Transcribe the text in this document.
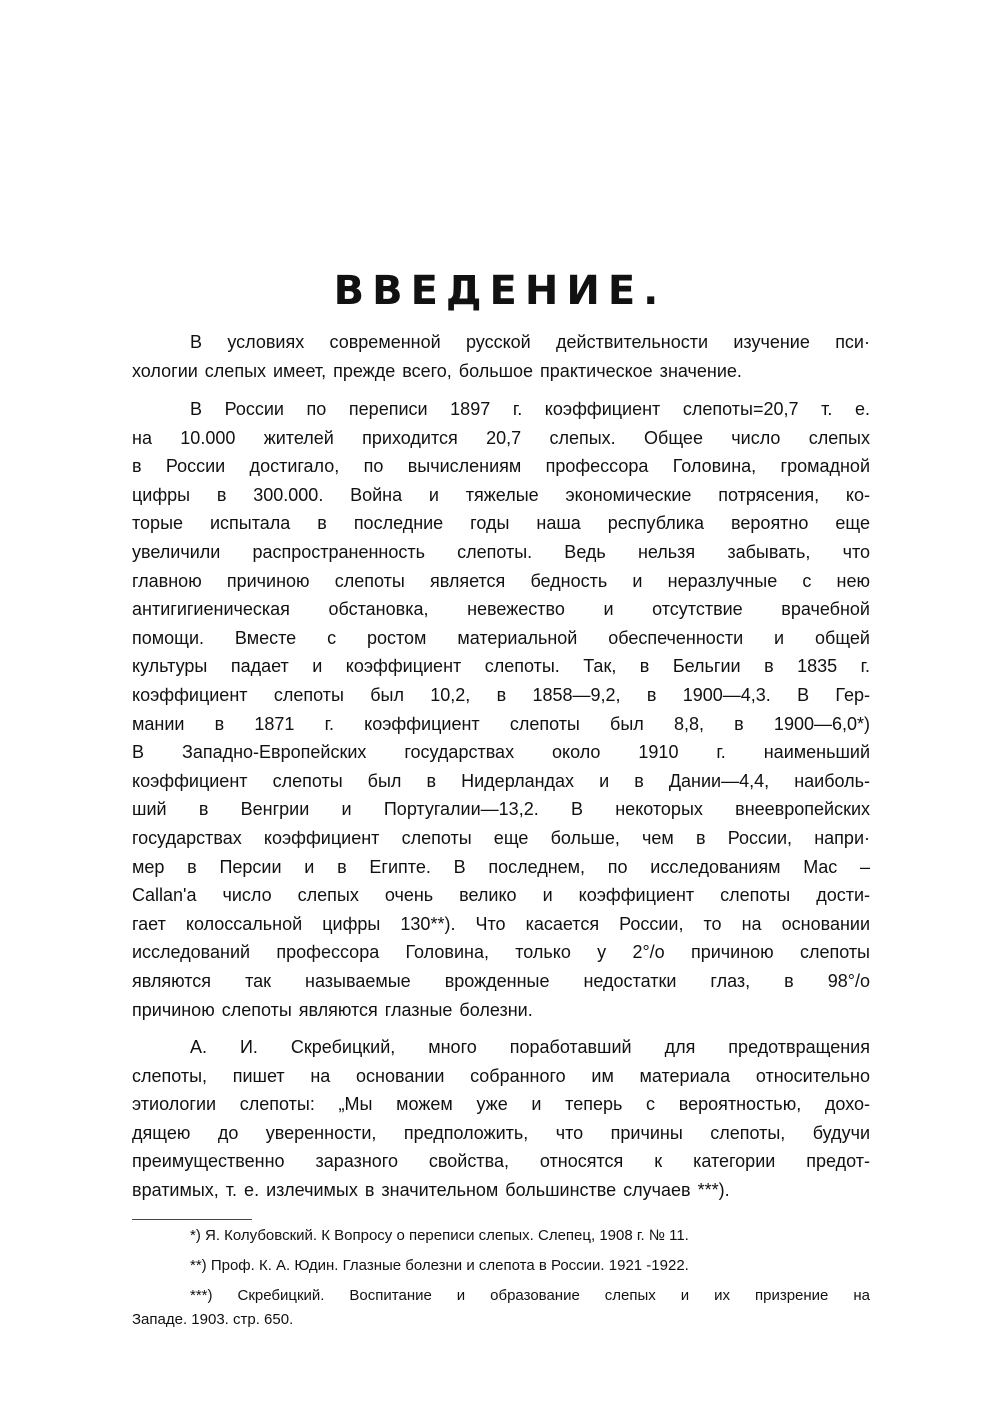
ВВЕДЕНИЕ.
В условиях современной русской действительности изучение пси·
хологии слепых имеет, прежде всего, большое практическое значение.
В России по переписи 1897 г. коэффициент слепоты=20,7 т. е.
на 10.000 жителей приходится 20,7 слепых. Общее число слепых
в России достигало, по вычислениям профессора Головина, громадной
цифры в 300.000. Война и тяжелые экономические потрясения, ко-
торые испытала в последние годы наша республика вероятно еще
увеличили распространенность слепоты. Ведь нельзя забывать, что
главною причиною слепоты является бедность и неразлучные с нею
антигигиеническая обстановка, невежество и отсутствие врачебной
помощи. Вместе с ростом материальной обеспеченности и общей
культуры падает и коэффициент слепоты. Так, в Бельгии в 1835 г.
коэффициент слепоты был 10,2, в 1858—9,2, в 1900—4,3. В Гер-
мании в 1871 г. коэффициент слепоты был 8,8, в 1900—6,0*)
В Западно-Европейских государствах около 1910 г. наименьший
коэффициент слепоты был в Нидерландах и в Дании—4,4, наиболь-
ший в Венгрии и Португалии—13,2. В некоторых внеевропейских
государствах коэффициент слепоты еще больше, чем в России, напри·
мер в Персии и в Египте. В последнем, по исследованиям Mac –
Callan'a число слепых очень велико и коэффициент слепоты дости-
гает колоссальной цифры 130**). Что касается России, то на основании
исследований профессора Головина, только у 2°/о причиною слепоты
являются так называемые врожденные недостатки глаз, в 98°/о
причиною слепоты являются глазные болезни.
А. И. Скребицкий, много поработавший для предотвращения
слепоты, пишет на основании собранного им материала относительно
этиологии слепоты: „Мы можем уже и теперь с вероятностью, дохо-
дящею до уверенности, предположить, что причины слепоты, будучи
преимущественно заразного свойства, относятся к категории предот-
вратимых, т. е. излечимых в значительном большинстве случаев ***).
*) Я. Колубовский. К Вопросу о переписи слепых. Слепец, 1908 г. № 11.
**) Проф. К. А. Юдин. Глазные болезни и слепота в России. 1921 -1922.
***) Скребицкий. Воспитание и образование слепых и их призрение на
Западе. 1903. стр. 650.
